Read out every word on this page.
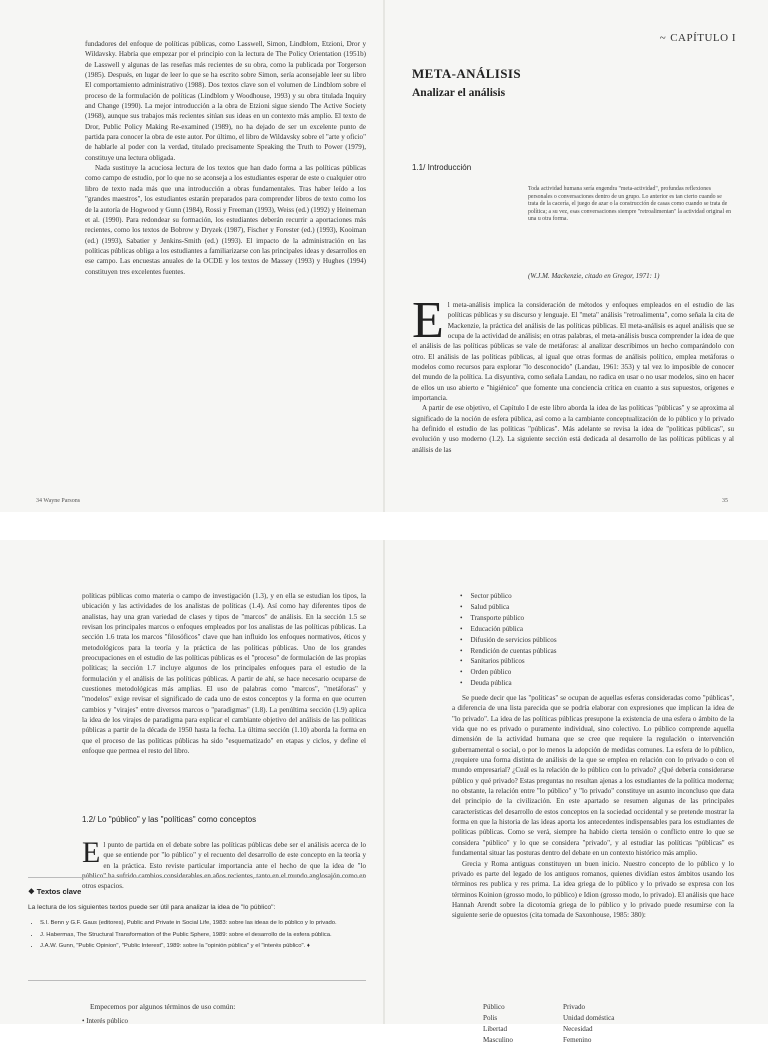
fundadores del enfoque de políticas públicas, como Lasswell, Simon, Lindblom, Etzioni, Dror y Wildavsky. Habría que empezar por el principio con la lectura de The Policy Orientation (1951b) de Lasswell y algunas de las reseñas más recientes de su obra, como la publicada por Torgerson (1985). Después, en lugar de leer lo que se ha escrito sobre Simon, sería aconsejable leer su libro El comportamiento administrativo (1988). Dos textos clave son el volumen de Lindblom sobre el proceso de la formulación de políticas (Lindblom y Woodhouse, 1993) y su obra titulada Inquiry and Change (1990). La mejor introducción a la obra de Etzioni sigue siendo The Active Society (1968), aunque sus trabajos más recientes sitúan sus ideas en un contexto más amplio. El texto de Dror, Public Policy Making Re-examined (1989), no ha dejado de ser un excelente punto de partida para conocer la obra de este autor. Por último, el libro de Wildavsky sobre el "arte y oficio" de hablarle al poder con la verdad, titulado precisamente Speaking the Truth to Power (1979), constituye una lectura obligada.

Nada sustituye la acuciosa lectura de los textos que han dado forma a las políticas públicas como campo de estudio, por lo que no se aconseja a los estudiantes esperar de este o cualquier otro libro de texto nada más que una introducción a obras fundamentales. Tras haber leído a los "grandes maestros", los estudiantes estarán preparados para comprender libros de texto como los de la autoría de Hogwood y Gunn (1984), Rossi y Freeman (1993), Weiss (ed.) (1992) y Heineman et al. (1990). Para redondear su formación, los estudiantes deberán recurrir a aportaciones más recientes, como los textos de Bobrow y Dryzek (1987), Fischer y Forester (ed.) (1993), Kooiman (ed.) (1993), Sabatier y Jenkins-Smith (ed.) (1993). El impacto de la administración en las políticas públicas obliga a los estudiantes a familiarizarse con las principales ideas y desarrollos en ese campo. Las encuestas anuales de la OCDE y los textos de Massey (1993) y Hughes (1994) constituyen tres excelentes fuentes.

34 Wayne Parsons
~ CAPÍTULO I
META-ANÁLISIS
Analizar el análisis
1.1/ Introducción
Toda actividad humana sería engendra "meta-actividad", profundas reflexiones personales o conversaciones dentro de un grupo. Lo anterior es tan cierto cuando se trata de la cacería, el juego de azar o la construcción de casas como cuando se trata de política; a su vez, esas conversaciones siempre "retroalimentan" la actividad original en una u otra forma.
(W.J.M. Mackenzie, citado en Gregor, 1971: 1)

El meta-análisis implica la consideración de métodos y enfoques empleados en el estudio de las políticas públicas y su discurso y lenguaje. El "meta" análisis "retroalimenta", como señala la cita de Mackenzie, la práctica del análisis de las políticas públicas. El meta-análisis es aquel análisis que se ocupa de la actividad de análisis; en otras palabras, el meta-análisis busca comprender la idea de que el análisis de las políticas públicas se vale de metáforas: al analizar describimos un hecho comparándolo con otro. El análisis de las políticas públicas, al igual que otras formas de análisis político, emplea metáforas o modelos como recursos para explorar "lo desconocido" (Landau, 1961: 353) y tal vez lo imposible de conocer del mundo de la política. La disyuntiva, como señala Landau, no radica en usar o no usar modelos, sino en hacer de ellos un uso abierto e "higiénico" que fomente una conciencia crítica en cuanto a sus supuestos, orígenes e importancia.

A partir de ese objetivo, el Capítulo I de este libro aborda la idea de las políticas "públicas" y se aproxima al significado de la noción de esfera pública, así como a la cambiante conceptualización de lo público y lo privado ha definido el estudio de las políticas "públicas". Más adelante se revisa la idea de "políticas públicas", su evolución y uso moderno (1.2). La siguiente sección está dedicada al desarrollo de las políticas públicas y al análisis de las

35

políticas públicas como materia o campo de investigación (1.3), y en ella se estudian los tipos, la ubicación y las actividades de los analistas de políticas (1.4). Así como hay diferentes tipos de analistas, hay una gran variedad de clases y tipos de "marcos" de análisis. En la sección 1.5 se revisan los principales marcos o enfoques empleados por los analistas de las políticas públicas. La sección 1.6 trata los marcos "filosóficos" clave que han influido los enfoques normativos, éticos y metodológicos para la teoría y la práctica de las políticas públicas. Uno de los grandes preocupaciones en el estudio de las políticas públicas es el "proceso" de formulación de las propias políticas; la sección 1.7 incluye algunos de los principales enfoques para el estudio de la formulación y el análisis de las políticas públicas. A partir de ahí, se hace necesario ocuparse de cuestiones metodológicas más amplias. El uso de palabras como "marcos", "metáforas" y "modelos" exige revisar el significado de cada uno de estos conceptos y la forma en que ocurren cambios y "virajes" entre diversos marcos o "paradigmas" (1.8). La penúltima sección (1.9) aplica la idea de los virajes de paradigma para explicar el cambiante objetivo del análisis de las políticas públicas a partir de la década de 1950 hasta la fecha. La última sección (1.10) aborda la forma en que el proceso de las políticas públicas ha sido "esquematizado" en etapas y ciclos, y define el enfoque que permea el resto del libro.

1.2/ Lo "público" y las "políticas" como conceptos

El punto de partida en el debate sobre las políticas públicas debe ser el análisis acerca de lo que se entiende por "lo público" y el recuento del desarrollo de este concepto en la teoría y en la práctica. Esto reviste particular importancia ante el hecho de que la idea de "lo otros espacios.

❖ Textos clave
La lectura de los siguientes textos puede ser útil para analizar la idea de "lo público":
• S.I. Benn y G.F. Gaus (editores), Public and Private in Social Life, 1983: sobre las ideas de lo público y lo privado.
• J. Habermas, The Structural Transformation of the Public Sphere, 1989: sobre el desarrollo de la esfera pública.
• J.A.W. Gunn, "Public Opinion", "Public Interest", 1989: sobre la "opinión pública" y el "interés público". ♦
Empecemos por algunos términos de uso común:
• Interés público
• Sector público
• Salud pública
• Transporte público
• Educación pública
• Difusión de servicios públicos
• Rendición de cuentas públicas
• Sanitarios públicos
• Orden público
• Deuda pública

Se puede decir que las "políticas" se ocupan de aquellas esferas consideradas como "públicas", a diferencia de una lista parecida que se podría elaborar con expresiones que implican la idea de "lo privado". La idea de las políticas públicas presupone la existencia de una esfera o ámbito de la vida que no es privado o puramente individual, sino colectivo. Lo público comprende aquella dimensión de la actividad humana que se cree que requiere la regulación o intervención gubernamental o social, o por lo menos la adopción de medidas comunes. La esfera de lo público, ¿requiere una forma distinta de análisis de la que se emplea en relación con lo privado o con el mundo empresarial? ¿Cuál es la relación de lo público con lo privado? ¿Qué debería considerarse público y qué privado? Estas preguntas no resultan ajenas a los estudiantes de la política moderna; no obstante, la relación entre "lo público" y "lo privado" constituye un asunto inconcluso que data del principio de la civilización. En este apartado se resumen algunas de las principales características del desarrollo de estos conceptos en la sociedad occidental y se pretende mostrar la forma en que la historia de las ideas aporta los antecedentes indispensables para los estudiantes de políticas públicas. Como se verá, siempre ha habido cierta tensión o conflicto entre lo que se considera "público" y lo que se considera "privado", y al estudiar las políticas "públicas" es fundamental situar las posturas dentro del debate en un contexto histórico más amplio.

Grecia y Roma antiguas constituyen un buen inicio. Nuestro concepto de lo público y lo privado es parte del legado de los antiguos romanos, quienes dividían estos ámbitos usando los términos res publica y res prima. La idea griega de lo público y lo privado se expresa con los términos Koinion (grosso modo, lo público) e Idion (grosso modo, lo privado). El análisis que hace Hannah Arendt sobre la dicotomía griega de lo público y lo privado puede resumirse con la siguiente serie de opuestos (cita tomada de Saxonhouse, 1985: 380):

Público	Privado
Polis	Unidad doméstica
Libertad	Necesidad
Masculino	Femenino
